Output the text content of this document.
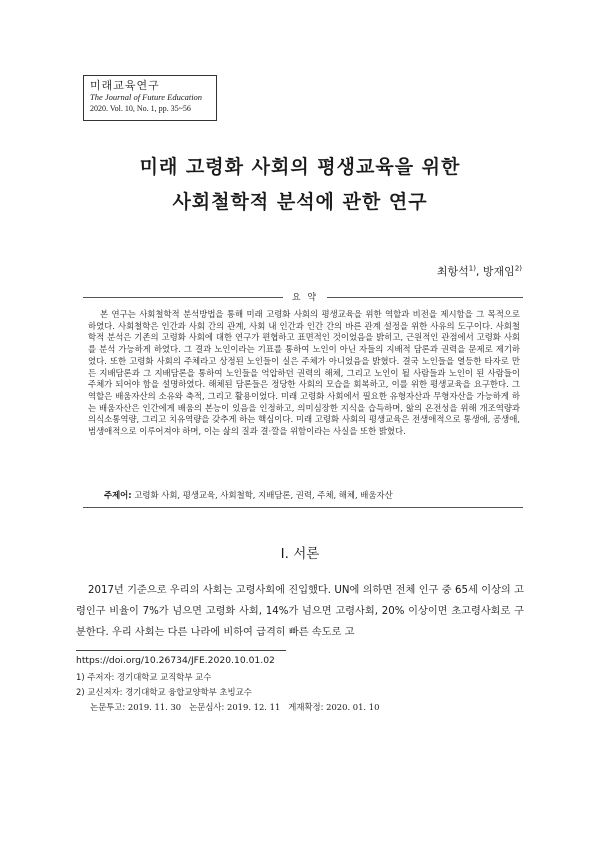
미래교육연구
The Journal of Future Education
2020. Vol. 10, No. 1, pp. 35~56
미래 고령화 사회의 평생교육을 위한
사회철학적 분석에 관한 연구
최항석$^{1)}$, 방재임$^{2)}$
요 약

본 연구는 사회철학적 분석방법을 통해 미래 고령화 사회의 평생교육을 위한 역할과 비전을 제시함을 그 목적으로 하였다. 사회철학은 인간과 사회 간의 관계, 사회 내 인간과 인간 간의 바른 관계 설정을 위한 사유의 도구이다. 사회철학적 분석은 기존의 고령화 사회에 대한 연구가 편협하고 표면적인 것이었음을 밝히고, 근원적인 관점에서 고령화 사회를 분석 가능하게 하였다. 그 결과 노인이라는 기표를 통하여 노인이 아닌 자들의 지배적 담론과 권력을 문제로 제기하였다. 또한 고령화 사회의 주체라고 상정된 노인들이 실은 주체가 아니었음을 밝혔다. 결국 노인들을 열등한 타자로 만든 지배담론과 그 지배담론을 통하여 노인들을 억압하던 권력의 해체, 그리고 노인이 될 사람들과 노인이 된 사람들이 주체가 되어야 함을 설명하였다. 해체된 담론들은 정당한 사회의 모습을 회복하고, 이를 위한 평생교육을 요구한다. 그 역할은 배움자산의 소유와 축적, 그리고 활용이었다. 미래 고령화 사회에서 필요한 유형자산과 무형자산을 가능하게 하는 배움자산은 인간에게 배움의 본능이 있음을 인정하고, 의미심장한 지식을 습득하며, 앎의 온전성을 위해 개조역량과 의식소통역량, 그리고 치유역량을 갖추게 하는 핵심이다. 미래 고령화 사회의 평생교육은 전생애적으로 통생애, 공생애, 범생애적으로 이루어져야 하며, 이는 삶의 질과 결·깔을 위함이라는 사실을 또한 밝혔다.

주제어: 고령화 사회, 평생교육, 사회철학, 지배담론, 권력, 주체, 해체, 배움자산
Ⅰ. 서론

2017년 기준으로 우리의 사회는 고령사회에 진입했다. UN에 의하면 전체 인구 중 65세 이상의 고령인구 비율이 7%가 넘으면 고령화 사회, 14%가 넘으면 고령사회, 20% 이상이면 초고령사회로 구분한다. 우리 사회는 다른 나라에 비하여 급격히 빠른 속도로 고

https://doi.org/10.26734/JFE.2020.10.01.02
1) 주저자: 경기대학교 교직학부 교수
2) 교신저자: 경기대학교 융합교양학부 초빙교수
논문투고: 2019. 11. 30 논문심사: 2019. 12. 11 게재확정: 2020. 01. 10
